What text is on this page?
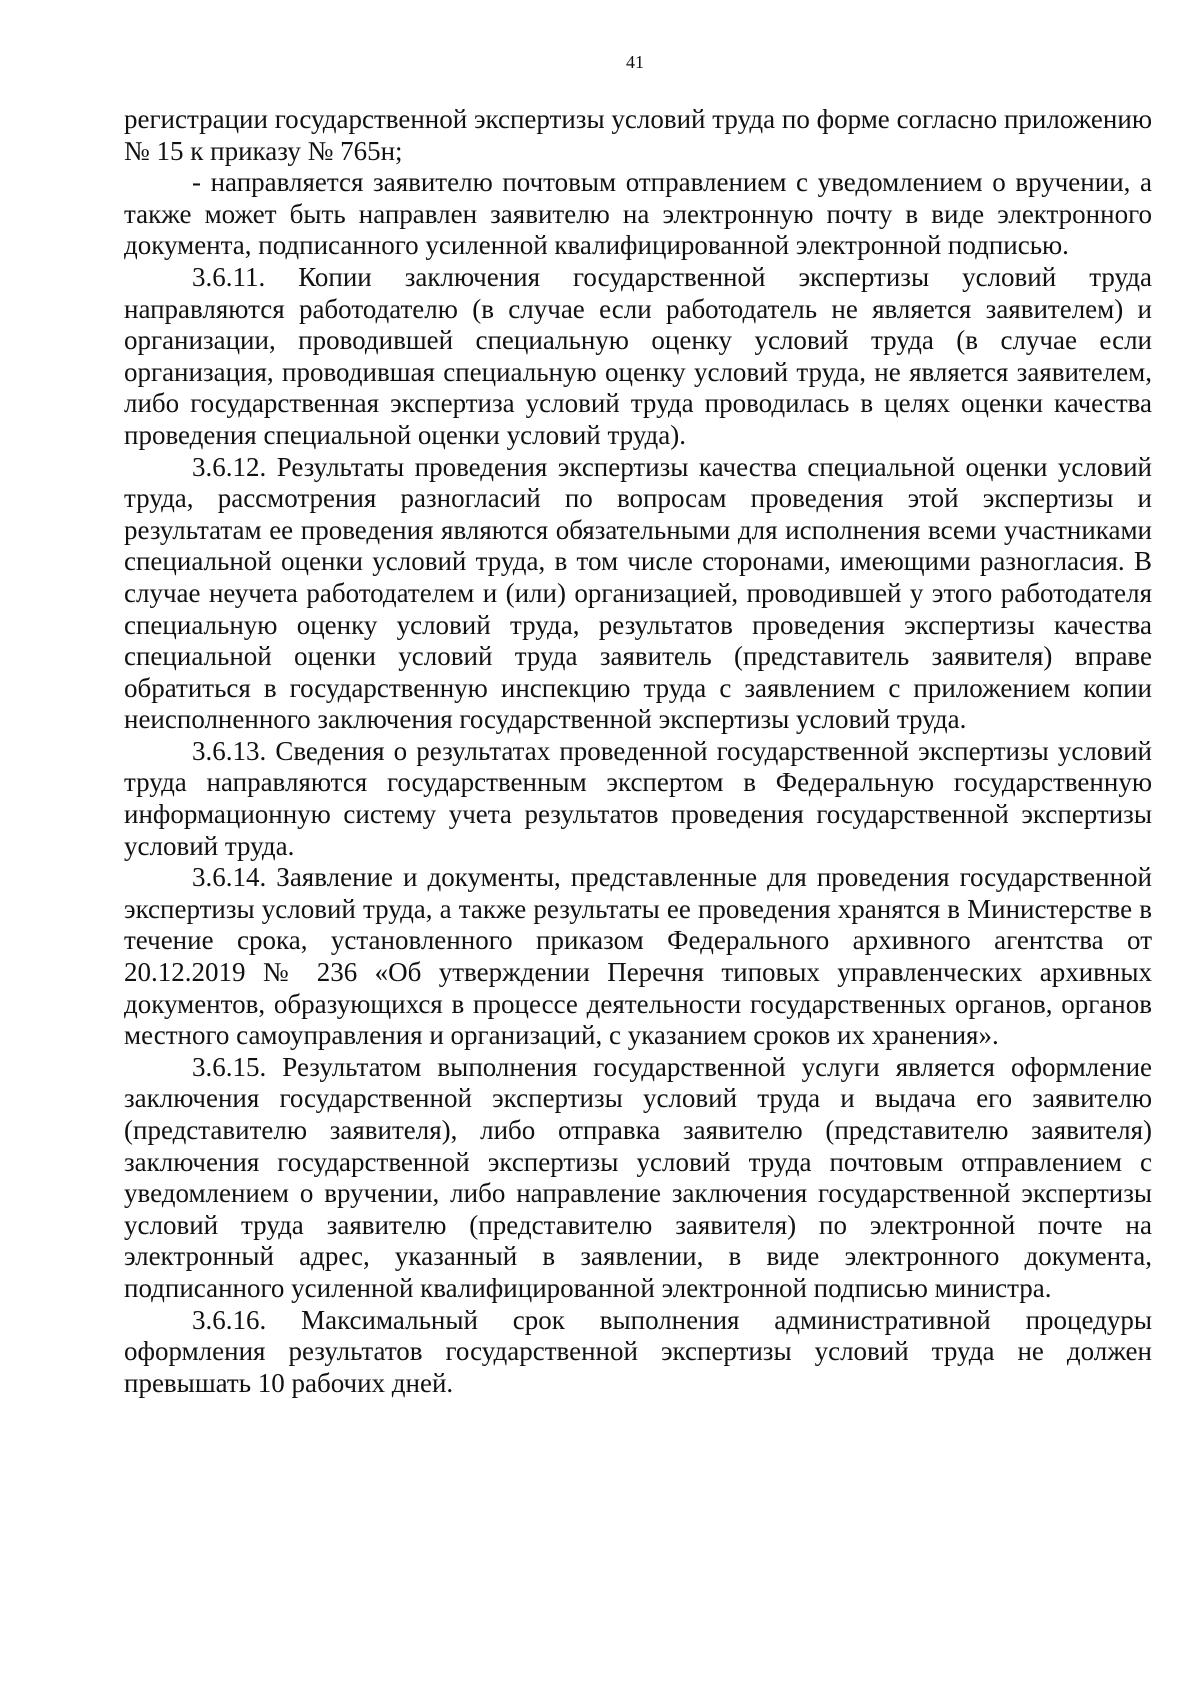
41

регистрации государственной экспертизы условий труда по форме согласно приложению № 15 к приказу № 765н;

- направляется заявителю почтовым отправлением с уведомлением о вручении, а также может быть направлен заявителю на электронную почту в виде электронного документа, подписанного усиленной квалифицированной электронной подписью.

3.6.11. Копии заключения государственной экспертизы условий труда направляются работодателю (в случае если работодатель не является заявителем) и организации, проводившей специальную оценку условий труда (в случае если организация, проводившая специальную оценку условий труда, не является заявителем, либо государственная экспертиза условий труда проводилась в целях оценки качества проведения специальной оценки условий труда).

3.6.12. Результаты проведения экспертизы качества специальной оценки условий труда, рассмотрения разногласий по вопросам проведения этой экспертизы и результатам ее проведения являются обязательными для исполнения всеми участниками специальной оценки условий труда, в том числе сторонами, имеющими разногласия. В случае неучета работодателем и (или) организацией, проводившей у этого работодателя специальную оценку условий труда, результатов проведения экспертизы качества специальной оценки условий труда заявитель (представитель заявителя) вправе обратиться в государственную инспекцию труда с заявлением с приложением копии неисполненного заключения государственной экспертизы условий труда.

3.6.13. Сведения о результатах проведенной государственной экспертизы условий труда направляются государственным экспертом в Федеральную государственную информационную систему учета результатов проведения государственной экспертизы условий труда.

3.6.14. Заявление и документы, представленные для проведения государственной экспертизы условий труда, а также результаты ее проведения хранятся в Министерстве в течение срока, установленного приказом Федерального архивного агентства от 20.12.2019 № 236 «Об утверждении Перечня типовых управленческих архивных документов, образующихся в процессе деятельности государственных органов, органов местного самоуправления и организаций, с указанием сроков их хранения».

3.6.15. Результатом выполнения государственной услуги является оформление заключения государственной экспертизы условий труда и выдача его заявителю (представителю заявителя), либо отправка заявителю (представителю заявителя) заключения государственной экспертизы условий труда почтовым отправлением с уведомлением о вручении, либо направление заключения государственной экспертизы условий труда заявителю (представителю заявителя) по электронной почте на электронный адрес, указанный в заявлении, в виде электронного документа, подписанного усиленной квалифицированной электронной подписью министра.

3.6.16. Максимальный срок выполнения административной процедуры оформления результатов государственной экспертизы условий труда не должен превышать 10 рабочих дней.
